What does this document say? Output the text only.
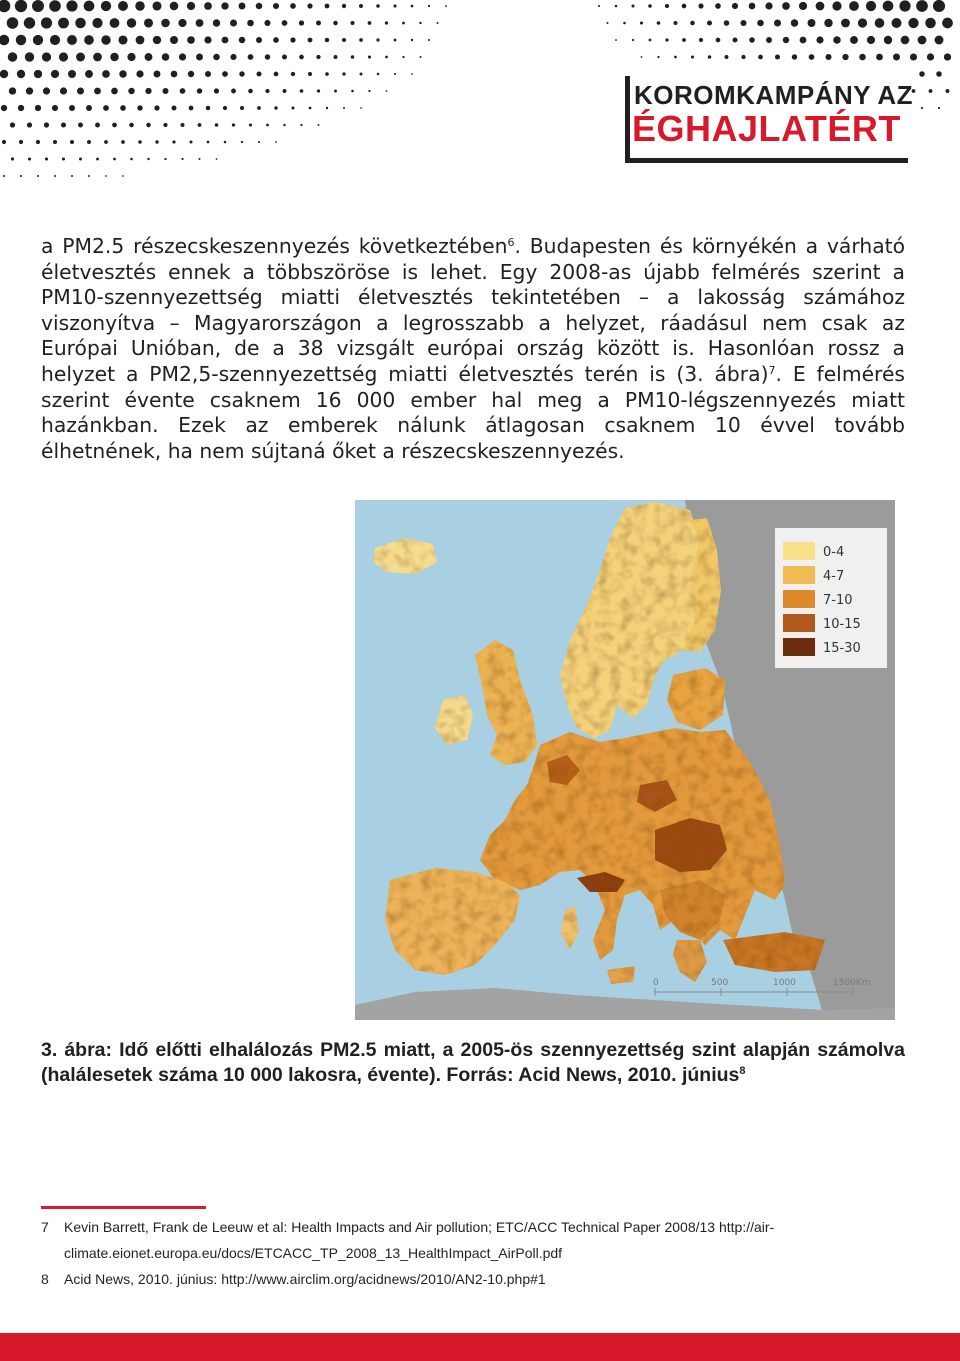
KOROMKAMPÁNY AZ
ÉGHAJLATÉRT

a PM2.5 részecskeszennyezés következtében$^6$. Budapesten és környékén a várható életvesztés ennek a többszöröse is lehet. Egy 2008-as újabb felmérés szerint a PM10-szennyezettség miatti életvesztés tekintetében – a lakosság számához viszonyítva – Magyarországon a legrosszabb a helyzet, ráadásul nem csak az Európai Unióban, de a 38 vizsgált európai ország között is. Hasonlóan rossz a helyzet a PM2,5-szennyezettség miatti életvesztés terén is (3. ábra)$^7$. E felmérés szerint évente csaknem 16 000 ember hal meg a PM10-légszennyezés miatt hazánkban. Ezek az emberek nálunk átlagosan csaknem 10 évvel tovább élhetnének, ha nem sújtaná őket a részecskeszennyezés.

0-4
4-7
7-10
10-15
15-30
0	500	1000	1500Km

3. ábra: Idő előtti elhalálozás PM2.5 miatt, a 2005-ös szennyezettség szint alapján számolva (halálesetek száma 10 000 lakosra, évente). Forrás: Acid News, 2010. június$^8$

7 Kevin Barrett, Frank de Leeuw et al: Health Impacts and Air pollution; ETC/ACC Technical Paper 2008/13 http://air-
climate.eionet.europa.eu/docs/ETCACC_TP_2008_13_HealthImpact_AirPoll.pdf
8 Acid News, 2010. június: http://www.airclim.org/acidnews/2010/AN2-10.php#1
